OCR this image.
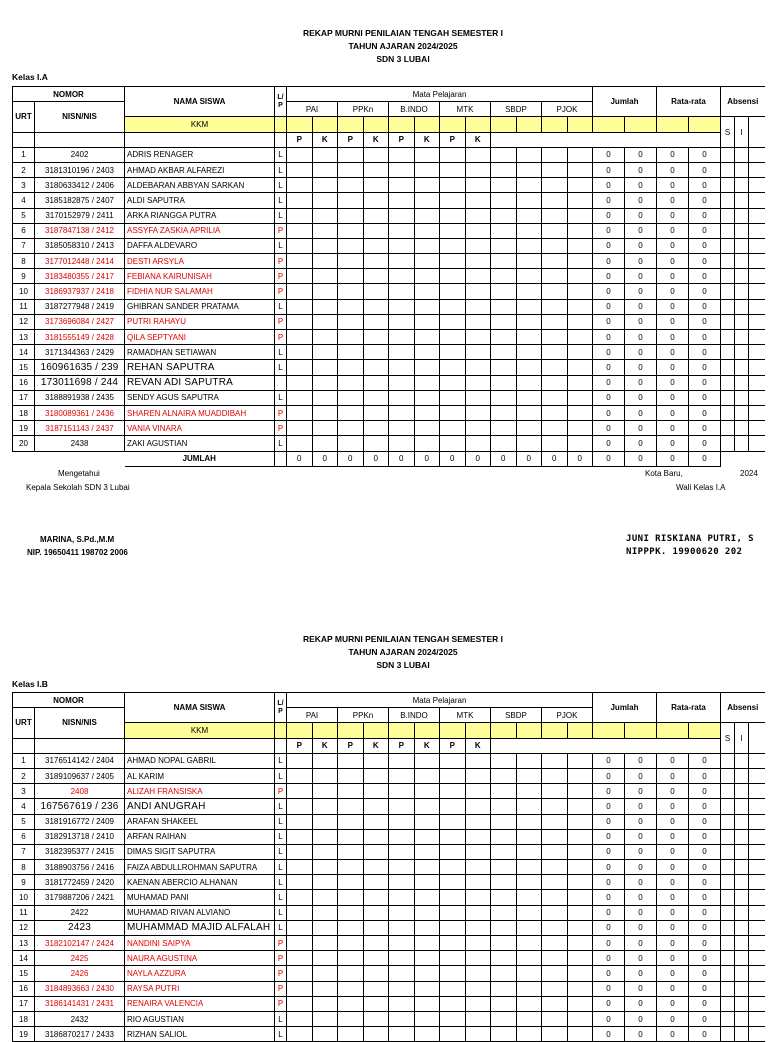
REKAP MURNI PENILAIAN TENGAH SEMESTER I
TAHUN AJARAN 2024/2025
SDN 3 LUBAI
Kelas I.A
NOMOR		NAMA SISWA	L/ P	Mata Pelajaran												Jumlah		Rata-rata		Absensi		
URT	NISN/NIS			PAI		PPKn		B.INDO		MTK		SBDP		PJOK								
		KKM																		S	I	
				P	K	P	K	P	K	P	K											
1	2402	ADRIS RENAGER	L													0	0	0	0			
2	3181310196 / 2403	AHMAD AKBAR ALFAREZI	L													0	0	0	0			
3	3180633412 / 2406	ALDEBARAN ABBYAN SARKAN	L													0	0	0	0			
4	3185182875 / 2407	ALDI SAPUTRA	L													0	0	0	0			
5	3170152979 / 2411	ARKA RIANGGA PUTRA	L													0	0	0	0			
6	3187847138 / 2412	ASSYFA ZASKIA APRILIA	P													0	0	0	0			
7	3185058310 / 2413	DAFFA ALDEVARO	L													0	0	0	0			
8	3177012448 / 2414	DESTI ARSYLA	P													0	0	0	0			
9	3183480355 / 2417	FEBIANA KAIRUNISAH	P													0	0	0	0			
10	3186937937 / 2418	FIDHIA NUR SALAMAH	P													0	0	0	0			
11	3187277948 / 2419	GHIBRAN SANDER PRATAMA	L													0	0	0	0			
12	3173696084 / 2427	PUTRI RAHAYU	P													0	0	0	0			
13	3181555149 / 2428	QILA SEPTYANI	P													0	0	0	0			
14	3171344363 / 2429	RAMADHAN SETIAWAN	L													0	0	0	0			
15	160961635 / 239	REHAN SAPUTRA	L													0	0	0	0			
16	173011698 / 244	REVAN ADI SAPUTRA														0	0	0	0			
17	3188891938 / 2435	SENDY AGUS SAPUTRA	L													0	0	0	0			
18	3180089361 / 2436	SHAREN ALNAIRA MUADDIBAH	P													0	0	0	0			
19	3187151143 / 2437	VANIA VINARA	P													0	0	0	0			
20	2438	ZAKI AGUSTIAN	L													0	0	0	0			
		JUMLAH		0	0	0	0	0	0	0	0	0	0	0	0	0	0	0	0			
Mengetahui
Kepala Sekolah SDN 3 Lubai
Kota Baru,	2024
Wali Kelas I.A
MARINA, S.Pd.,M.M
NIP. 19650411 198702 2006
JUNI RISKIANA PUTRI, S
NIPPPK. 19900620 202
REKAP MURNI PENILAIAN TENGAH SEMESTER I
TAHUN AJARAN 2024/2025
SDN 3 LUBAI
Kelas I.B
NOMOR		NAMA SISWA	L/ P	Mata Pelajaran												Jumlah		Rata-rata		Absensi		
URT	NISN/NIS			PAI		PPKn		B.INDO		MTK		SBDP		PJOK								
		KKM																		S	I	
				P	K	P	K	P	K	P	K											
1	3176514142 / 2404	AHMAD NOPAL GABRIL	L													0	0	0	0			
2	3189109637 / 2405	AL KARIM	L													0	0	0	0			
3	2408	ALIZAH FRANSISKA	P													0	0	0	0			
4	167567619 / 236	ANDI ANUGRAH	L													0	0	0	0			
5	3181916772 / 2409	ARAFAN SHAKEEL	L													0	0	0	0			
6	3182913718 / 2410	ARFAN RAIHAN	L													0	0	0	0			
7	3182395377 / 2415	DIMAS SIGIT SAPUTRA	L													0	0	0	0			
8	3188903756 / 2416	FAIZA ABDULLROHMAN SAPUTRA	L													0	0	0	0			
9	3181772459 / 2420	KAENAN ABERCIO ALHANAN	L													0	0	0	0			
10	3179887206 / 2421	MUHAMAD PANI	L													0	0	0	0			
11	2422	MUHAMAD RIVAN ALVIANO	L													0	0	0	0			
12	2423	MUHAMMAD MAJID ALFALAH	L													0	0	0	0			
13	3182102147 / 2424	NANDINI SAIPYA	P													0	0	0	0			
14	2425	NAURA AGUSTINA	P													0	0	0	0			
15	2426	NAYLA AZZURA	P													0	0	0	0			
16	3184893663 / 2430	RAYSA PUTRI	P													0	0	0	0			
17	3186141431 / 2431	RENAIRA VALENCIA	P													0	0	0	0			
18	2432	RIO AGUSTIAN	L													0	0	0	0			
19	3186870217 / 2433	RIZHAN SALIOL	L													0	0	0	0			
